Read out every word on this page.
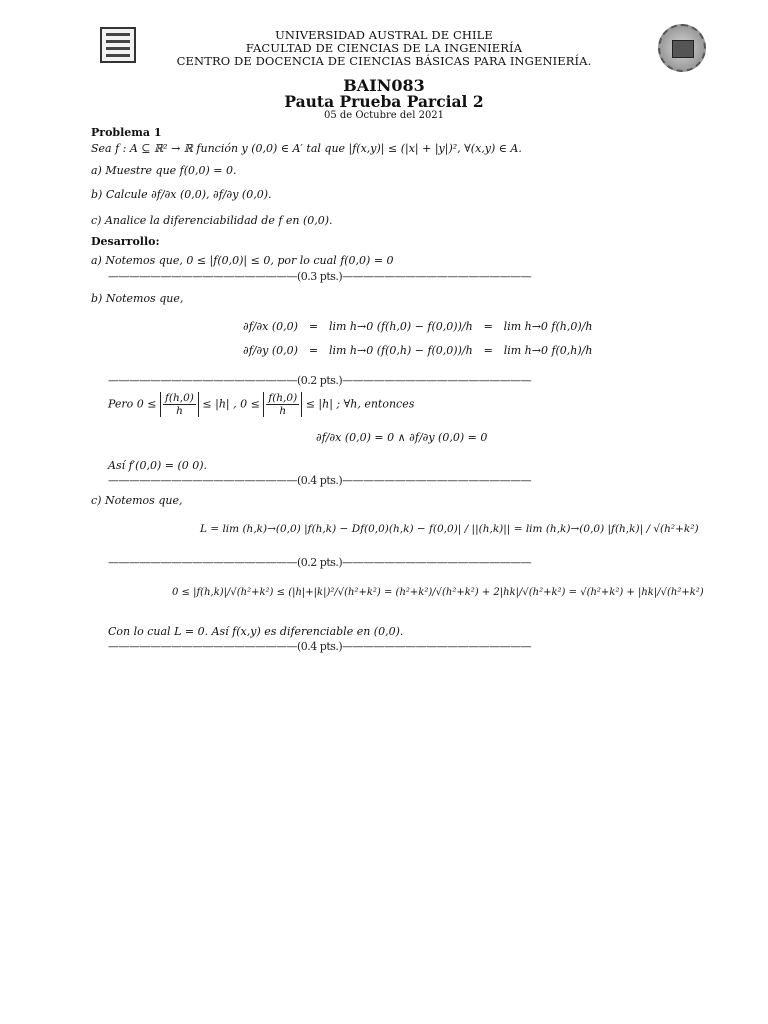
UNIVERSIDAD AUSTRAL DE CHILE
FACULTAD DE CIENCIAS DE LA INGENIERÍA
CENTRO DE DOCENCIA DE CIENCIAS BÁSICAS PARA INGENIERÍA.
BAIN083
Pauta Prueba Parcial 2
05 de Octubre del 2021
Problema 1
Sea f : A ⊆ ℝ² → ℝ función y (0,0) ∈ A′ tal que |f(x,y)| ≤ (|x| + |y|)², ∀(x,y) ∈ A.
a) Muestre que f(0,0) = 0.
b) Calcule ∂f/∂x (0,0), ∂f/∂y (0,0).
c) Analice la diferenciabilidad de f en (0,0).
Desarrollo:
a) Notemos que, 0 ≤ |f(0,0)| ≤ 0, por lo cual f(0,0) = 0
——————————————————(0.3 pts.)——————————————————
b) Notemos que,
∂f/∂x (0,0) = lim h→0 (f(h,0) − f(0,0))/h = lim h→0 f(h,0)/h
∂f/∂y (0,0) = lim h→0 (f(0,h) − f(0,0))/h = lim h→0 f(0,h)/h
——————————————————(0.2 pts.)——————————————————
Pero $0 \le \frac{f(h,0)}{h} \le |h|$ , $0 \le \frac{f(h,0)}{h} \le |h|$ ; ∀h, entonces
∂f/∂x (0,0) = 0 ∧ ∂f/∂y (0,0) = 0
Así f′(0,0) = (0 0).
——————————————————(0.4 pts.)——————————————————
c) Notemos que,
L = lim (h,k)→(0,0) |f(h,k) − Df(0,0)(h,k) − f(0,0)| / ||(h,k)|| = lim (h,k)→(0,0) |f(h,k)| / √(h²+k²)
——————————————————(0.2 pts.)——————————————————
0 ≤ |f(h,k)|/√(h²+k²) ≤ (|h|+|k|)²/√(h²+k²) = (h²+k²)/√(h²+k²) + 2|hk|/√(h²+k²) = √(h²+k²) + |hk|/√(h²+k²)
Con lo cual L = 0. Así f(x,y) es diferenciable en (0,0).
——————————————————(0.4 pts.)——————————————————
